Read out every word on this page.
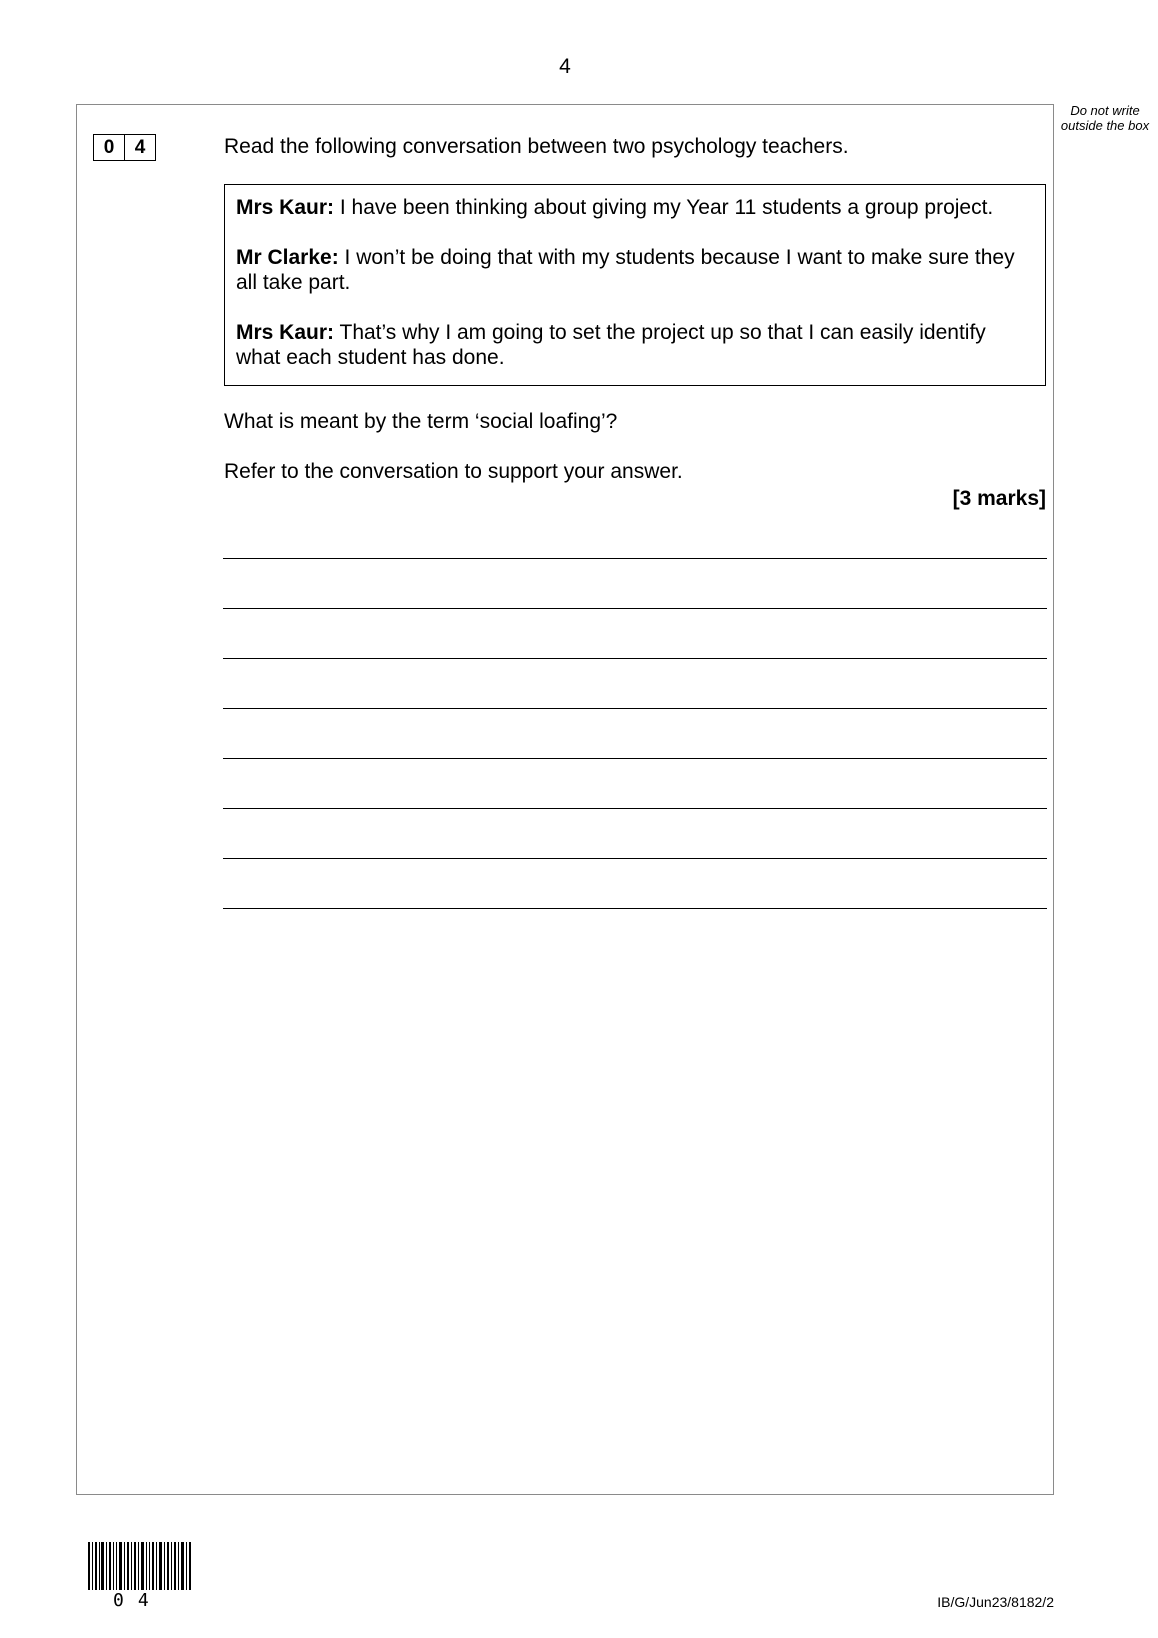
4
Do not write outside the box
0	4	Read the following conversation between two psychology teachers.

Mrs Kaur: I have been thinking about giving my Year 11 students a group project.

Mr Clarke: I won’t be doing that with my students because I want to make sure they all take part.

Mrs Kaur: That’s why I am going to set the project up so that I can easily identify what each student has done.

What is meant by the term ‘social loafing’?
Refer to the conversation to support your answer.
[3 marks]
04	IB/G/Jun23/8182/2
